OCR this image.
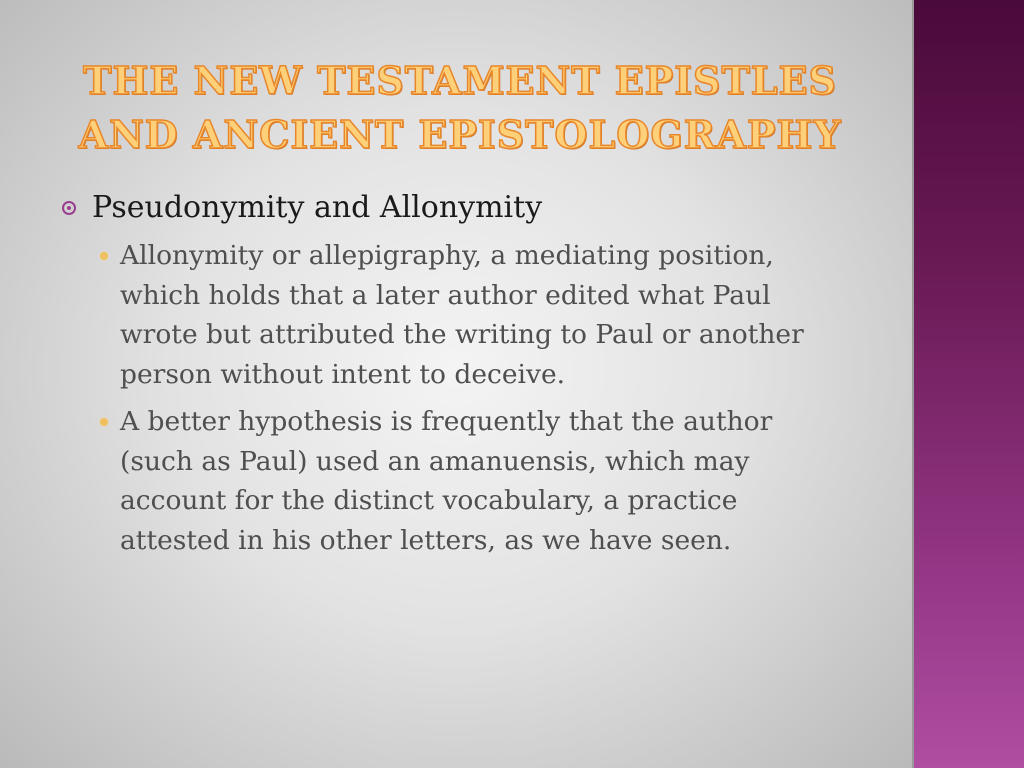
THE NEW TESTAMENT EPISTLES
AND ANCIENT EPISTOLOGRAPHY
Pseudonymity and Allonymity
Allonymity or allepigraphy, a mediating position, which holds that a later author edited what Paul wrote but attributed the writing to Paul or another person without intent to deceive.
A better hypothesis is frequently that the author (such as Paul) used an amanuensis, which may account for the distinct vocabulary, a practice attested in his other letters, as we have seen.
